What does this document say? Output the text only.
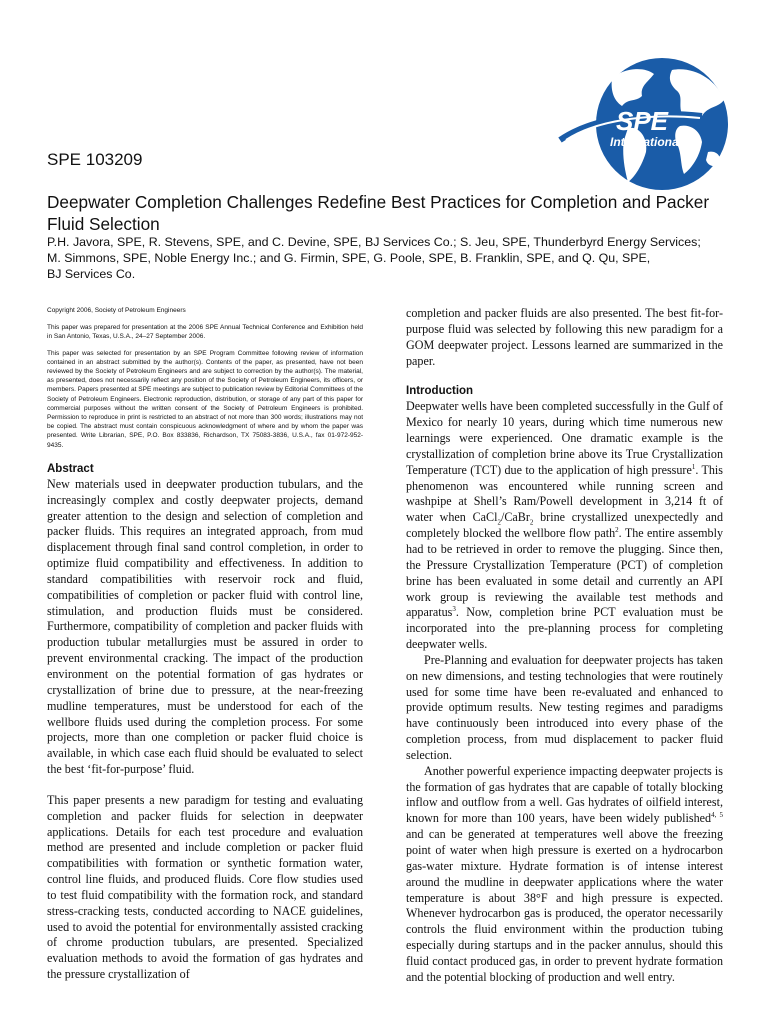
SPE
International
SPE 103209
Deepwater Completion Challenges Redefine Best Practices for Completion and Packer Fluid Selection
P.H. Javora, SPE, R. Stevens, SPE, and C. Devine, SPE, BJ Services Co.; S. Jeu, SPE, Thunderbyrd Energy Services;
M. Simmons, SPE, Noble Energy Inc.; and G. Firmin, SPE, G. Poole, SPE, B. Franklin, SPE, and Q. Qu, SPE,
BJ Services Co.

Copyright 2006, Society of Petroleum Engineers

This paper was prepared for presentation at the 2006 SPE Annual Technical Conference and Exhibition held in San Antonio, Texas, U.S.A., 24–27 September 2006.

This paper was selected for presentation by an SPE Program Committee following review of information contained in an abstract submitted by the author(s). Contents of the paper, as presented, have not been reviewed by the Society of Petroleum Engineers and are subject to correction by the author(s). The material, as presented, does not necessarily reflect any position of the Society of Petroleum Engineers, its officers, or members. Papers presented at SPE meetings are subject to publication review by Editorial Committees of the Society of Petroleum Engineers. Electronic reproduction, distribution, or storage of any part of this paper for commercial purposes without the written consent of the Society of Petroleum Engineers is prohibited. Permission to reproduce in print is restricted to an abstract of not more than 300 words; illustrations may not be copied. The abstract must contain conspicuous acknowledgment of where and by whom the paper was presented. Write Librarian, SPE, P.O. Box 833836, Richardson, TX 75083-3836, U.S.A., fax 01-972-952-9435.

Abstract

New materials used in deepwater production tubulars, and the increasingly complex and costly deepwater projects, demand greater attention to the design and selection of completion and packer fluids. This requires an integrated approach, from mud displacement through final sand control completion, in order to optimize fluid compatibility and effectiveness. In addition to standard compatibilities with reservoir rock and fluid, compatibilities of completion or packer fluid with control line, stimulation, and production fluids must be considered. Furthermore, compatibility of completion and packer fluids with production tubular metallurgies must be assured in order to prevent environmental cracking. The impact of the production environment on the potential formation of gas hydrates or crystallization of brine due to pressure, at the near-freezing mudline temperatures, must be understood for each of the wellbore fluids used during the completion process. For some projects, more than one completion or packer fluid choice is available, in which case each fluid should be evaluated to select the best ‘fit-for-purpose’ fluid.

This paper presents a new paradigm for testing and evaluating completion and packer fluids for selection in deepwater applications. Details for each test procedure and evaluation method are presented and include completion or packer fluid compatibilities with formation or synthetic formation water, control line fluids, and produced fluids. Core flow studies used to test fluid compatibility with the formation rock, and standard stress-cracking tests, conducted according to NACE guidelines, used to avoid the potential for environmentally assisted cracking of chrome production tubulars, are presented. Specialized evaluation methods to avoid the formation of gas hydrates and the pressure crystallization of

completion and packer fluids are also presented. The best fit-for-purpose fluid was selected by following this new paradigm for a GOM deepwater project. Lessons learned are summarized in the paper.

Introduction

Deepwater wells have been completed successfully in the Gulf of Mexico for nearly 10 years, during which time numerous new learnings were experienced. One dramatic example is the crystallization of completion brine above its True Crystallization Temperature (TCT) due to the application of high pressure$^1$. This phenomenon was encountered while running screen and washpipe at Shell’s Ram/Powell development in 3,214 ft of water when CaCl$_2$/CaBr$_2$ brine crystallized unexpectedly and completely blocked the wellbore flow path$^2$. The entire assembly had to be retrieved in order to remove the plugging. Since then, the Pressure Crystallization Temperature (PCT) of completion brine has been evaluated in some detail and currently an API work group is reviewing the available test methods and apparatus$^3$. Now, completion brine PCT evaluation must be incorporated into the pre-planning process for completing deepwater wells.

Pre-Planning and evaluation for deepwater projects has taken on new dimensions, and testing technologies that were routinely used for some time have been re-evaluated and enhanced to provide optimum results. New testing regimes and paradigms have continuously been introduced into every phase of the completion process, from mud displacement to packer fluid selection.

Another powerful experience impacting deepwater projects is the formation of gas hydrates that are capable of totally blocking inflow and outflow from a well. Gas hydrates of oilfield interest, known for more than 100 years, have been widely published$^{4, 5}$ and can be generated at temperatures well above the freezing point of water when high pressure is exerted on a hydrocarbon gas-water mixture. Hydrate formation is of intense interest around the mudline in deepwater applications where the water temperature is about 38°F and high pressure is expected. Whenever hydrocarbon gas is produced, the operator necessarily controls the fluid environment within the production tubing especially during startups and in the packer annulus, should this fluid contact produced gas, in order to prevent hydrate formation and the potential blocking of production and well entry.
